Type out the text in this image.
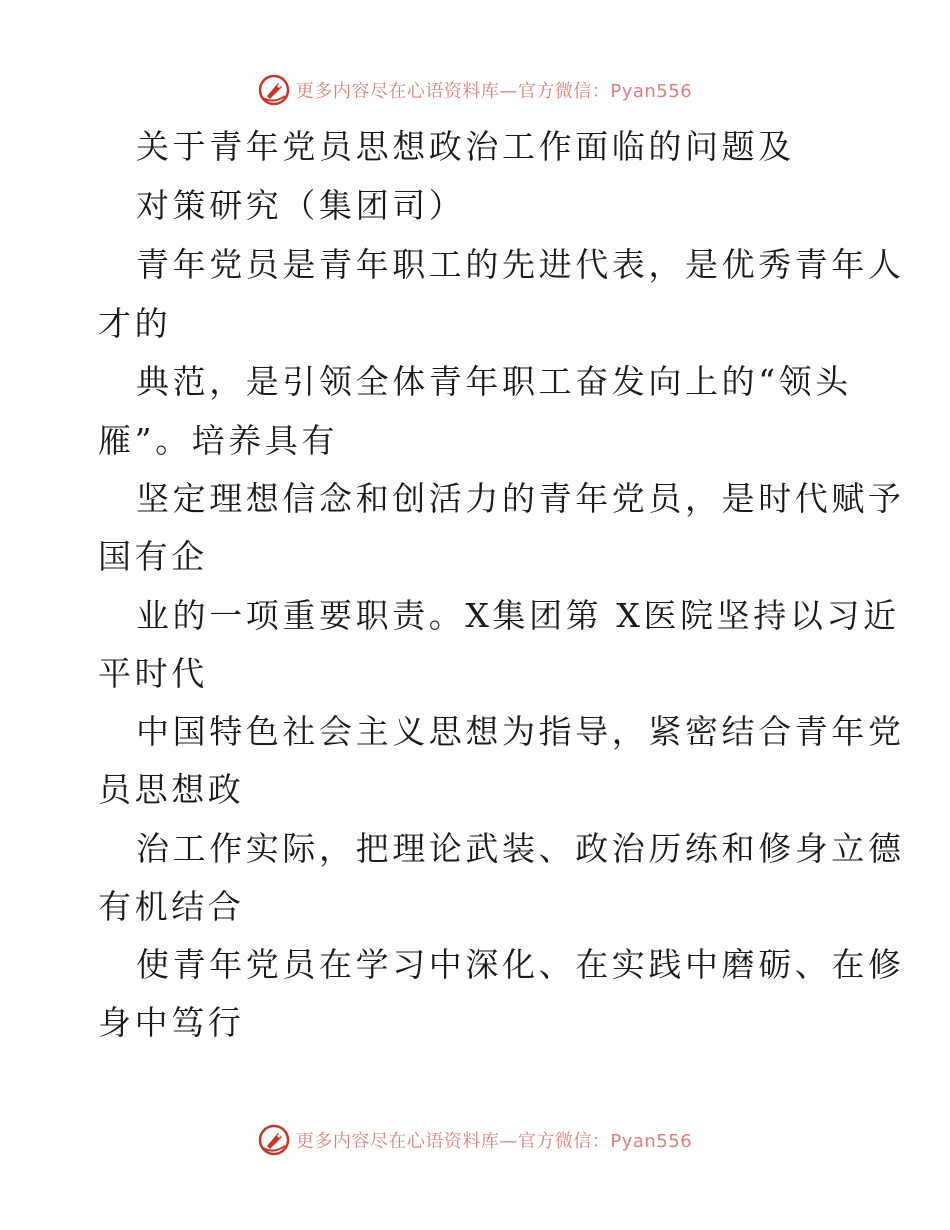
更多内容尽在心语资料库—官方微信：Pyan556
关于青年党员思想政治工作面临的问题及
对策研究（集团司）
青年党员是青年职工的先进代表，是优秀青年人
才的
典范，是引领全体青年职工奋发向上的“领头
雁”。培养具有
坚定理想信念和创活力的青年党员，是时代赋予
国有企
业的一项重要职责。X集团第 X医院坚持以习近
平时代
中国特色社会主义思想为指导，紧密结合青年党
员思想政
治工作实际，把理论武装、政治历练和修身立德
有机结合
使青年党员在学习中深化、在实践中磨砺、在修
身中笃行
更多内容尽在心语资料库—官方微信：Pyan556
